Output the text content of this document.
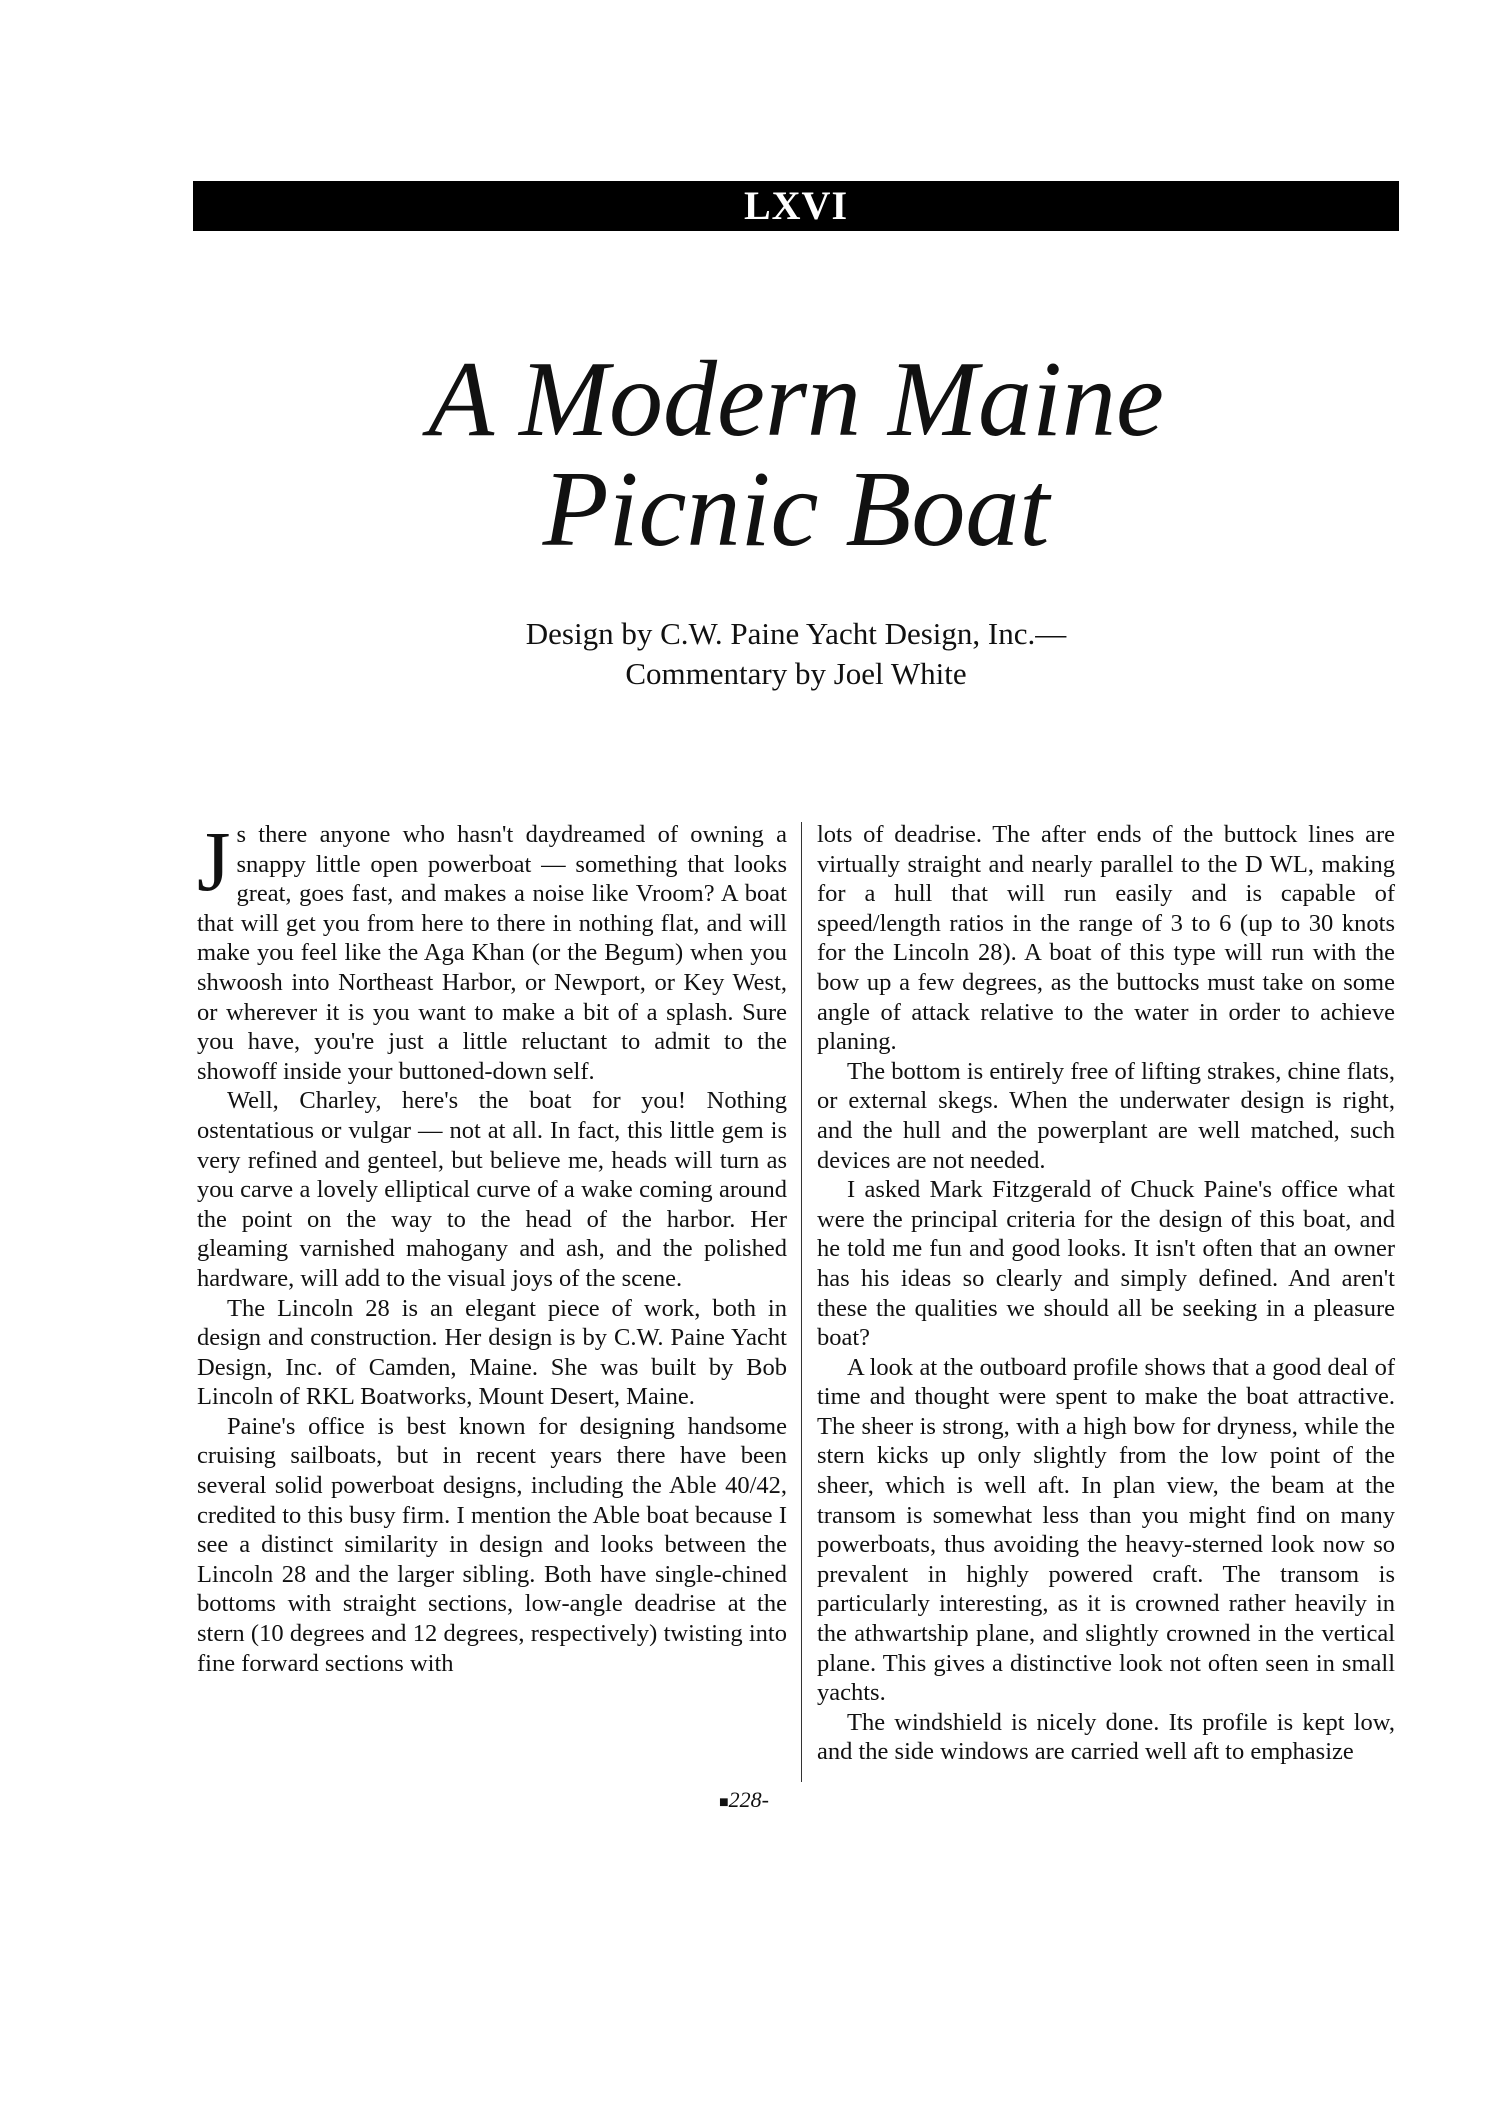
LXVI
A Modern Maine
Picnic Boat
Design by C.W. Paine Yacht Design, Inc.—
Commentary by Joel White

Js there anyone who hasn't daydreamed of owning a snappy little open powerboat — something that looks great, goes fast, and makes a noise like Vroom? A boat that will get you from here to there in nothing flat, and will make you feel like the Aga Khan (or the Begum) when you shwoosh into Northeast Harbor, or Newport, or Key West, or wherever it is you want to make a bit of a splash. Sure you have, you're just a little reluctant to admit to the showoff inside your buttoned-down self.

Well, Charley, here's the boat for you! Nothing ostentatious or vulgar — not at all. In fact, this little gem is very refined and genteel, but believe me, heads will turn as you carve a lovely elliptical curve of a wake coming around the point on the way to the head of the harbor. Her gleaming varnished mahogany and ash, and the polished hardware, will add to the visual joys of the scene.

The Lincoln 28 is an elegant piece of work, both in design and construction. Her design is by C.W. Paine Yacht Design, Inc. of Camden, Maine. She was built by Bob Lincoln of RKL Boatworks, Mount Desert, Maine.

Paine's office is best known for designing handsome cruising sailboats, but in recent years there have been several solid powerboat designs, including the Able 40/42, credited to this busy firm. I mention the Able boat because I see a distinct similarity in design and looks between the Lincoln 28 and the larger sibling. Both have single-chined bottoms with straight sections, low-angle deadrise at the stern (10 degrees and 12 degrees, respectively) twisting into fine forward sections with

lots of deadrise. The after ends of the buttock lines are virtually straight and nearly parallel to the D WL, making for a hull that will run easily and is capable of speed/length ratios in the range of 3 to 6 (up to 30 knots for the Lincoln 28). A boat of this type will run with the bow up a few degrees, as the buttocks must take on some angle of attack relative to the water in order to achieve planing.

The bottom is entirely free of lifting strakes, chine flats, or external skegs. When the underwater design is right, and the hull and the powerplant are well matched, such devices are not needed.

I asked Mark Fitzgerald of Chuck Paine's office what were the principal criteria for the design of this boat, and he told me fun and good looks. It isn't often that an owner has his ideas so clearly and simply defined. And aren't these the qualities we should all be seeking in a pleasure boat?

A look at the outboard profile shows that a good deal of time and thought were spent to make the boat attractive. The sheer is strong, with a high bow for dryness, while the stern kicks up only slightly from the low point of the sheer, which is well aft. In plan view, the beam at the transom is somewhat less than you might find on many powerboats, thus avoiding the heavy-sterned look now so prevalent in highly powered craft. The transom is particularly interesting, as it is crowned rather heavily in the athwartship plane, and slightly crowned in the vertical plane. This gives a distinctive look not often seen in small yachts.

The windshield is nicely done. Its profile is kept low, and the side windows are carried well aft to emphasize

■228-
